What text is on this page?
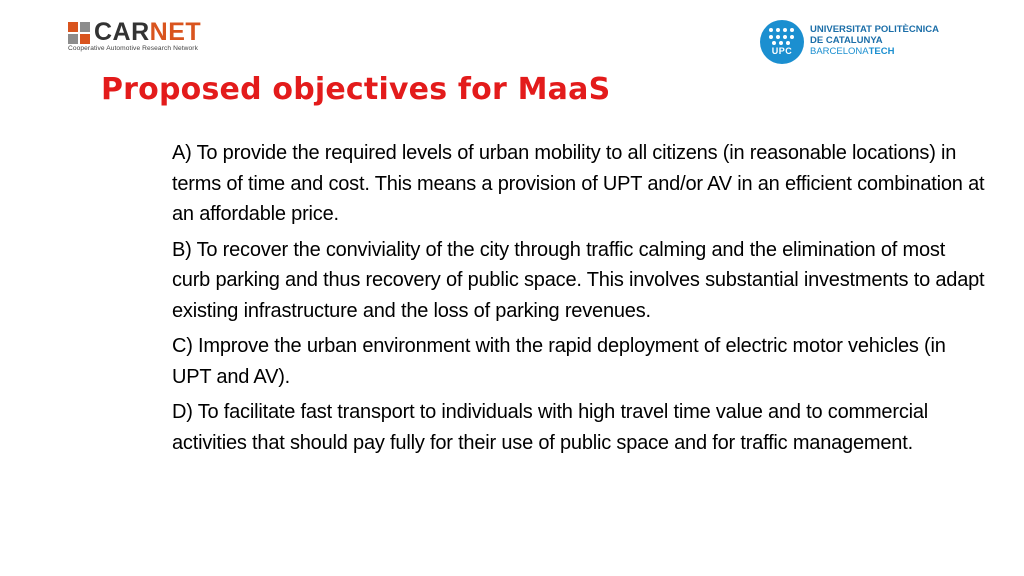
CARNET
Cooperative Automotive Research Network	UPC
UNIVERSITAT POLITÈCNICA
DE CATALUNYA
BARCELONATECH
Proposed objectives for MaaS

A) To provide the required levels of urban mobility to all citizens (in reasonable locations) in terms of time and cost. This means a provision of UPT and/or AV in an efficient combination at an affordable price.

B) To recover the conviviality of the city through traffic calming and the elimination of most curb parking and thus recovery of public space. This involves substantial investments to adapt existing infrastructure and the loss of parking revenues.

C) Improve the urban environment with the rapid deployment of electric motor vehicles (in UPT and AV).

D) To facilitate fast transport to individuals with high travel time value and to commercial activities that should pay fully for their use of public space and for traffic management.
